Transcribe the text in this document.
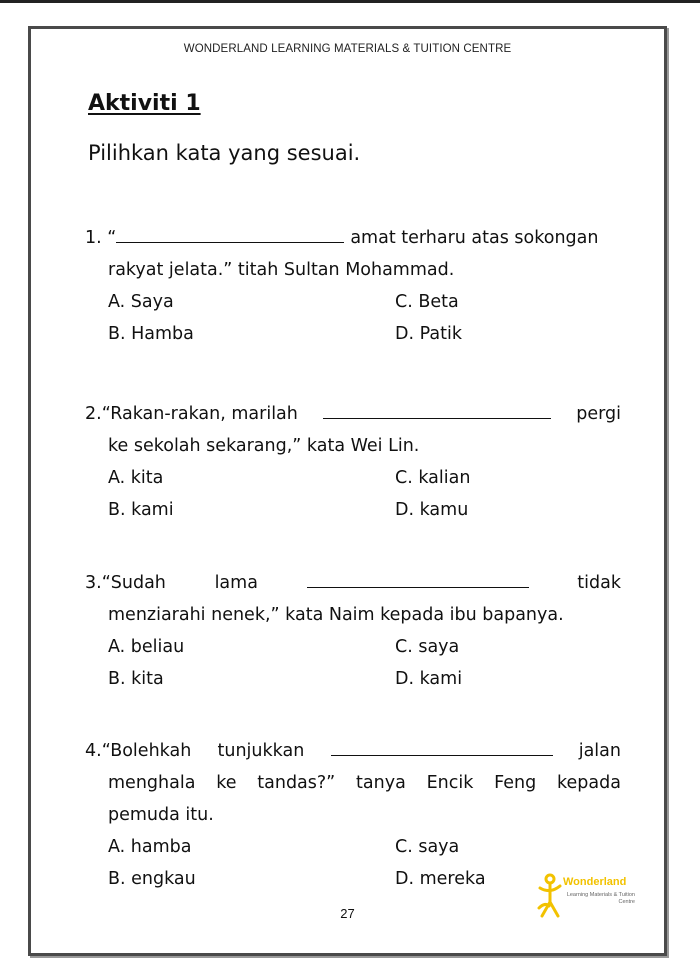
WONDERLAND LEARNING MATERIALS & TUITION CENTRE
Aktiviti 1
Pilihkan kata yang sesuai.
1. “	amat terharu atas sokongan
rakyat jelata.” titah Sultan Mohammad.
A. Saya	C. Beta
B. Hamba	D. Patik
2.“Rakan-rakan, marilah	pergi
ke sekolah sekarang,” kata Wei Lin.
A. kita	C. kalian
B. kami	D. kamu
3.“Sudah	lama	tidak
menziarahi nenek,” kata Naim kepada ibu bapanya.
A. beliau	C. saya
B. kita	D. kami
4.“Bolehkah tunjukkan	jalan
menghala ke tandas?” tanya Encik Feng kepada
pemuda itu.
A. hamba	C. saya
B. engkau	D. mereka
27
Wonderland
Learning Materials & Tuition Centre
